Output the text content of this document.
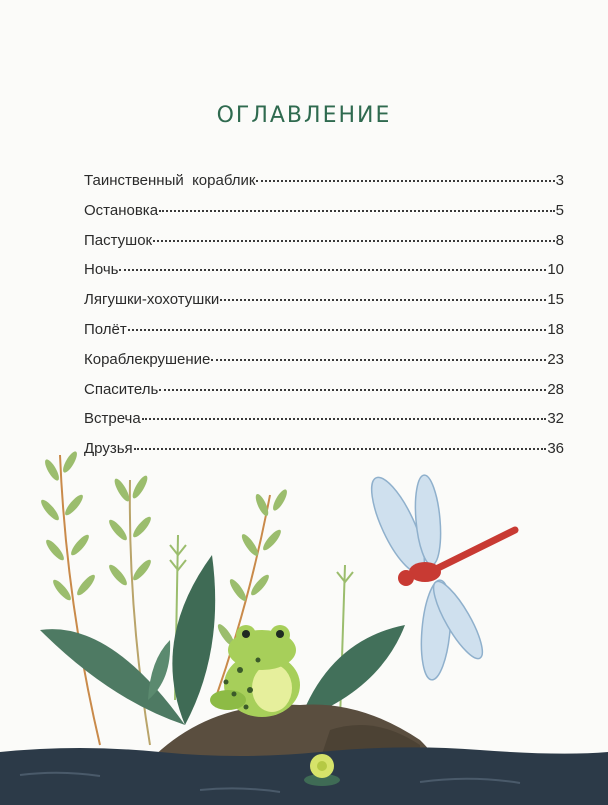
ОГЛАВЛЕНИЕ
Таинственный  кораблик	3
Остановка	5
Пастушок	8
Ночь	10
Лягушки-хохотушки	15
Полёт	18
Кораблекрушение	23
Спаситель	28
Встреча	32
Друзья	36
